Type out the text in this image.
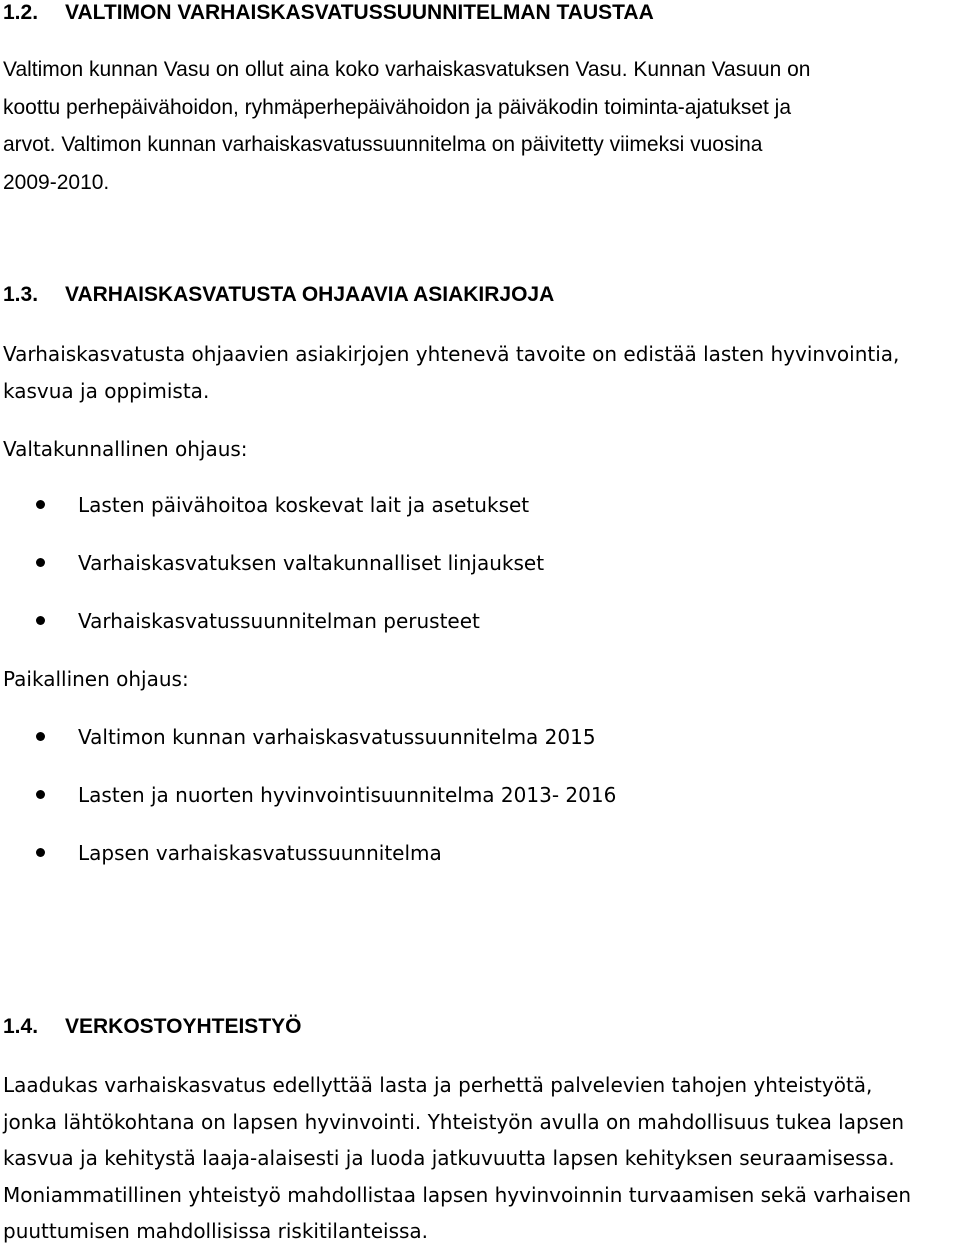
1.2. VALTIMON VARHAISKASVATUSSUUNNITELMAN TAUSTAA

Valtimon kunnan Vasu on ollut aina koko varhaiskasvatuksen Vasu. Kunnan Vasuun on
koottu perhepäivähoidon, ryhmäperhepäivähoidon ja päiväkodin toiminta-ajatukset ja
arvot. Valtimon kunnan varhaiskasvatussuunnitelma on päivitetty viimeksi vuosina
2009-2010.

1.3. VARHAISKASVATUSTA OHJAAVIA ASIAKIRJOJA

Varhaiskasvatusta ohjaavien asiakirjojen yhtenevä tavoite on edistää lasten hyvinvointia,
kasvua ja oppimista.

Valtakunnallinen ohjaus:

Lasten päivähoitoa koskevat lait ja asetukset
Varhaiskasvatuksen valtakunnalliset linjaukset
Varhaiskasvatussuunnitelman perusteet

Paikallinen ohjaus:

Valtimon kunnan varhaiskasvatussuunnitelma 2015
Lasten ja nuorten hyvinvointisuunnitelma 2013- 2016
Lapsen varhaiskasvatussuunnitelma
1.4. VERKOSTOYHTEISTYÖ

Laadukas varhaiskasvatus edellyttää lasta ja perhettä palvelevien tahojen yhteistyötä,
jonka lähtökohtana on lapsen hyvinvointi. Yhteistyön avulla on mahdollisuus tukea lapsen
kasvua ja kehitystä laaja-alaisesti ja luoda jatkuvuutta lapsen kehityksen seuraamisessa.
Moniammatillinen yhteistyö mahdollistaa lapsen hyvinvoinnin turvaamisen sekä varhaisen
puuttumisen mahdollisissa riskitilanteissa.
